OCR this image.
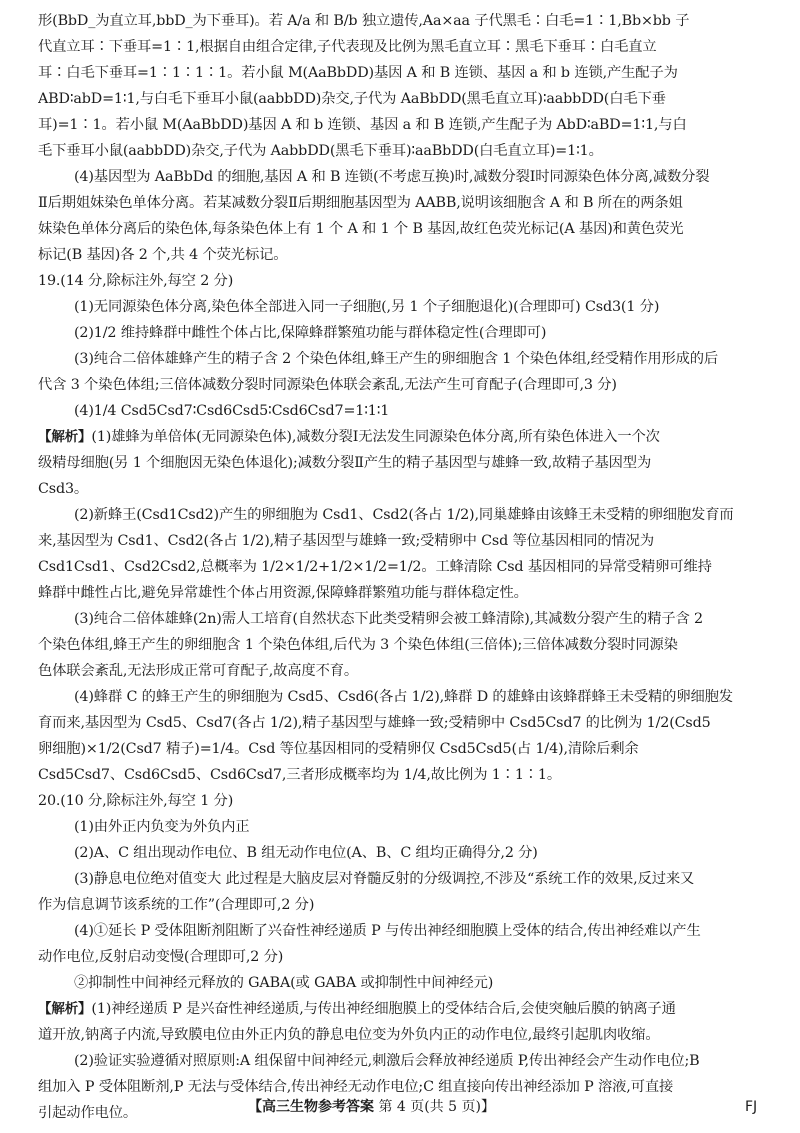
形(BbD_为直立耳,bbD_为下垂耳)。若 A/a 和 B/b 独立遗传,Aa×aa 子代黑毛∶白毛=1∶1,Bb×bb 子
代直立耳∶下垂耳=1∶1,根据自由组合定律,子代表现及比例为黑毛直立耳∶黑毛下垂耳∶白毛直立
耳∶白毛下垂耳=1∶1∶1∶1。若小鼠 M(AaBbDD)基因 A 和 B 连锁、基因 a 和 b 连锁,产生配子为
ABD∶abD=1∶1,与白毛下垂耳小鼠(aabbDD)杂交,子代为 AaBbDD(黑毛直立耳)∶aabbDD(白毛下垂
耳)=1∶1。若小鼠 M(AaBbDD)基因 A 和 b 连锁、基因 a 和 B 连锁,产生配子为 AbD∶aBD=1∶1,与白
毛下垂耳小鼠(aabbDD)杂交,子代为 AabbDD(黑毛下垂耳)∶aaBbDD(白毛直立耳)=1∶1。
(4)基因型为 AaBbDd 的细胞,基因 A 和 B 连锁(不考虑互换)时,减数分裂Ⅰ时同源染色体分离,减数分裂
Ⅱ后期姐妹染色单体分离。若某减数分裂Ⅱ后期细胞基因型为 AABB,说明该细胞含 A 和 B 所在的两条姐
妹染色单体分离后的染色体,每条染色体上有 1 个 A 和 1 个 B 基因,故红色荧光标记(A 基因)和黄色荧光
标记(B 基因)各 2 个,共 4 个荧光标记。
19.(14 分,除标注外,每空 2 分)
(1)无同源染色体分离,染色体全部进入同一子细胞(,另 1 个子细胞退化)(合理即可) Csd3(1 分)
(2)1/2 维持蜂群中雌性个体占比,保障蜂群繁殖功能与群体稳定性(合理即可)
(3)纯合二倍体雄蜂产生的精子含 2 个染色体组,蜂王产生的卵细胞含 1 个染色体组,经受精作用形成的后
代含 3 个染色体组;三倍体减数分裂时同源染色体联会紊乱,无法产生可育配子(合理即可,3 分)
(4)1/4 Csd5Csd7∶Csd6Csd5∶Csd6Csd7=1∶1∶1
【解析】(1)雄蜂为单倍体(无同源染色体),减数分裂Ⅰ无法发生同源染色体分离,所有染色体进入一个次
级精母细胞(另 1 个细胞因无染色体退化);减数分裂Ⅱ产生的精子基因型与雄蜂一致,故精子基因型为
Csd3。
(2)新蜂王(Csd1Csd2)产生的卵细胞为 Csd1、Csd2(各占 1/2),同巢雄蜂由该蜂王未受精的卵细胞发育而
来,基因型为 Csd1、Csd2(各占 1/2),精子基因型与雄蜂一致;受精卵中 Csd 等位基因相同的情况为
Csd1Csd1、Csd2Csd2,总概率为 1/2×1/2+1/2×1/2=1/2。工蜂清除 Csd 基因相同的异常受精卵可维持
蜂群中雌性占比,避免异常雄性个体占用资源,保障蜂群繁殖功能与群体稳定性。
(3)纯合二倍体雄蜂(2n)需人工培育(自然状态下此类受精卵会被工蜂清除),其减数分裂产生的精子含 2
个染色体组,蜂王产生的卵细胞含 1 个染色体组,后代为 3 个染色体组(三倍体);三倍体减数分裂时同源染
色体联会紊乱,无法形成正常可育配子,故高度不育。
(4)蜂群 C 的蜂王产生的卵细胞为 Csd5、Csd6(各占 1/2),蜂群 D 的雄蜂由该蜂群蜂王未受精的卵细胞发
育而来,基因型为 Csd5、Csd7(各占 1/2),精子基因型与雄蜂一致;受精卵中 Csd5Csd7 的比例为 1/2(Csd5
卵细胞)×1/2(Csd7 精子)=1/4。Csd 等位基因相同的受精卵仅 Csd5Csd5(占 1/4),清除后剩余
Csd5Csd7、Csd6Csd5、Csd6Csd7,三者形成概率均为 1/4,故比例为 1∶1∶1。
20.(10 分,除标注外,每空 1 分)
(1)由外正内负变为外负内正
(2)A、C 组出现动作电位、B 组无动作电位(A、B、C 组均正确得分,2 分)
(3)静息电位绝对值变大 此过程是大脑皮层对脊髓反射的分级调控,不涉及“系统工作的效果,反过来又
作为信息调节该系统的工作”(合理即可,2 分)
(4)①延长 P 受体阻断剂阻断了兴奋性神经递质 P 与传出神经细胞膜上受体的结合,传出神经难以产生
动作电位,反射启动变慢(合理即可,2 分)
②抑制性中间神经元释放的 GABA(或 GABA 或抑制性中间神经元)
【解析】(1)神经递质 P 是兴奋性神经递质,与传出神经细胞膜上的受体结合后,会使突触后膜的钠离子通
道开放,钠离子内流,导致膜电位由外正内负的静息电位变为外负内正的动作电位,最终引起肌肉收缩。
(2)验证实验遵循对照原则:A 组保留中间神经元,刺激后会释放神经递质 P,传出神经会产生动作电位;B
组加入 P 受体阻断剂,P 无法与受体结合,传出神经无动作电位;C 组直接向传出神经添加 P 溶液,可直接
引起动作电位。	【高三生物参考答案 第 4 页(共 5 页)】	FJ
